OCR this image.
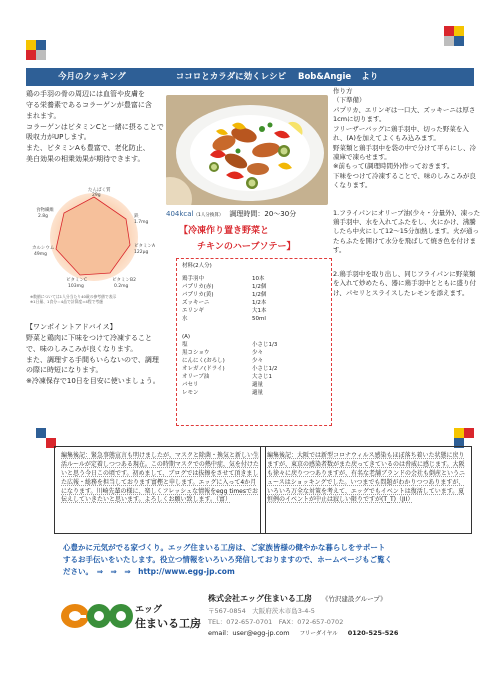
今月のクッキング	ココロとカラダに効くレシピ Bob&Angie より

鶏の手羽の骨の周辺には血管や皮膚を

守る栄養素であるコラーゲンが豊富に含

まれます。

コラーゲンはビタミンCと一緒に摂ることで

吸収力がUPします。

また、ビタミンAも豊富で、老化防止、

美白効果の相乗効果が期待できます。

たんぱく質
29g
鉄
1.7mg
ビタミンA
122μg
ビタミンB2
0.2mg
ビタミンC
103mg
カルシウム
49mg
食物繊維
2.8g
※数値については1人分当たり40歳の参考値で表示
※1日量、1食分＝4品で計算度=4程で考慮
【ワンポイントアドバイス】
野菜と鶏肉に下味をつけて冷凍することで、味のしみこみが良くなります。
また、調理する手間もいらないので、調理の際に時短になります。
※冷凍保存で10日を目安に使いましょう。
404kcal（1人分換算） 調理時間：20〜30分
【冷凍作り置き野菜と
チキンのハーブソテー】
材料(2人分)
鶏手羽中	10本
パプリカ(赤)	1/2個
パプリカ(黄)	1/2個
ズッキーニ	1/2本
エリンギ	大1本
水	50ml
(A)
塩	小さじ1/3
黒コショウ	少々
にんにく(おろし)	少々
オレガノ(ドライ)	小さじ1/2
オリーブ油	大さじ1
パセリ	適量
レモン	適量
作り方
（下準備）
パプリカ、エリンギは一口大、ズッキーニは厚さ1cmに切ります。
フリーザーバッグに鶏手羽中、切った野菜を入れ、(A)を加えてよくもみ込みます。
野菜類と鶏手羽中を袋の中で分けて平らにし、冷凍庫で凍らせます。
※前もって(調理時間外)作っておきます。
下味をつけて冷凍することで、味のしみこみが良くなります。
1.フライパンにオリーブ油(少々・分量外)、凍った鶏手羽中、水を入れてふたをし、火にかけ、沸騰したら中火にして12〜15分加熱します。火が通ったらふたを開けて水分を飛ばして焼き色を付けます。
2.鶏手羽中を取り出し、同じフライパンに野菜類を入れて炒めたら、器に鶏手羽中とともに盛り付け、パセリとスライスしたレモンを添えます。
編集後記：緊急事態宣言も明けましたが、マスクと除菌・換気と新しい生活ルールが定着しつつある現在。この時期マスクでの熱中症、気を付けたいと思う今日この頃です。初めまして、ブログでは抜擦をさせて頂きました広報・総務を担当しております富樫と申します。エッグに入って4か月になります。川崎先輩の様に、楽しくフレッシュな情報をegg timesでお伝えしていきたいと思います。よろしくお願い致します。（富）
編集後記：大阪では新型コロナウィルス感染もほぼ落ち着いた状態に戻りますが、東京の感染者数がまた戻ってきているのは脅威に感じます。大阪も徐々に戻りつつありますが、有名な老舗ブランドの会社も倒産というニュースはショッキングでした。いつまでも問題がわかりつつありますが、いろいろ万全な対策を考えて、エッグでもイベントは復活しています。夏恒例のイベントが中止は寂しい限りですが(T_T)（JII）
心豊かに元気がでる家づくり。エッグ住まいる工房は、ご家族皆様の健やかな暮らしをサポート
するお手伝いをいたします。役立つ情報をいろいろ発信しておりますので、ホームページもご覧く
ださい。　⇒　⇒　⇒　http://www.egg-jp.com
エッグ
住まいる工房
株式会社エッグ住まいる工房 《竹沢建設グループ》
〒567-0854　大阪府茨木市島3-4-5
TEL：072-657-0701　FAX：072-657-0702
email：user@egg-jp.com フリーダイヤル 0120-525-526
